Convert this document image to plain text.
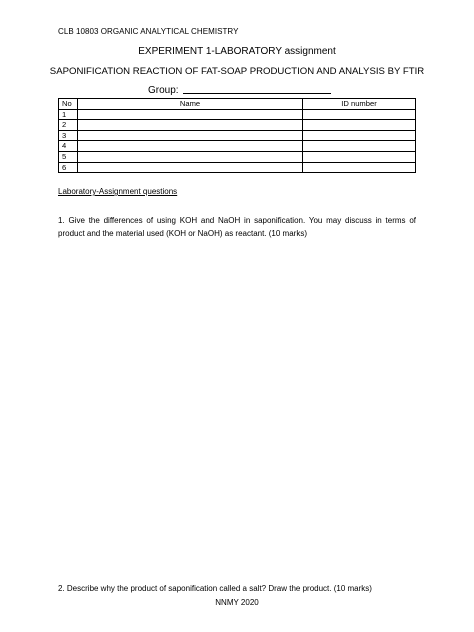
CLB 10803 ORGANIC ANALYTICAL CHEMISTRY
EXPERIMENT 1-LABORATORY assignment
SAPONIFICATION REACTION OF FAT-SOAP PRODUCTION AND ANALYSIS BY FTIR
Group:
No	Name	ID number
1		
2		
3		
4		
5		
6		
Laboratory-Assignment questions
1. Give the differences of using KOH and NaOH in saponification. You may discuss in terms of product and the material used (KOH or NaOH) as reactant. (10 marks)
2. Describe why the product of saponification called a salt? Draw the product. (10 marks)
NNMY 2020
